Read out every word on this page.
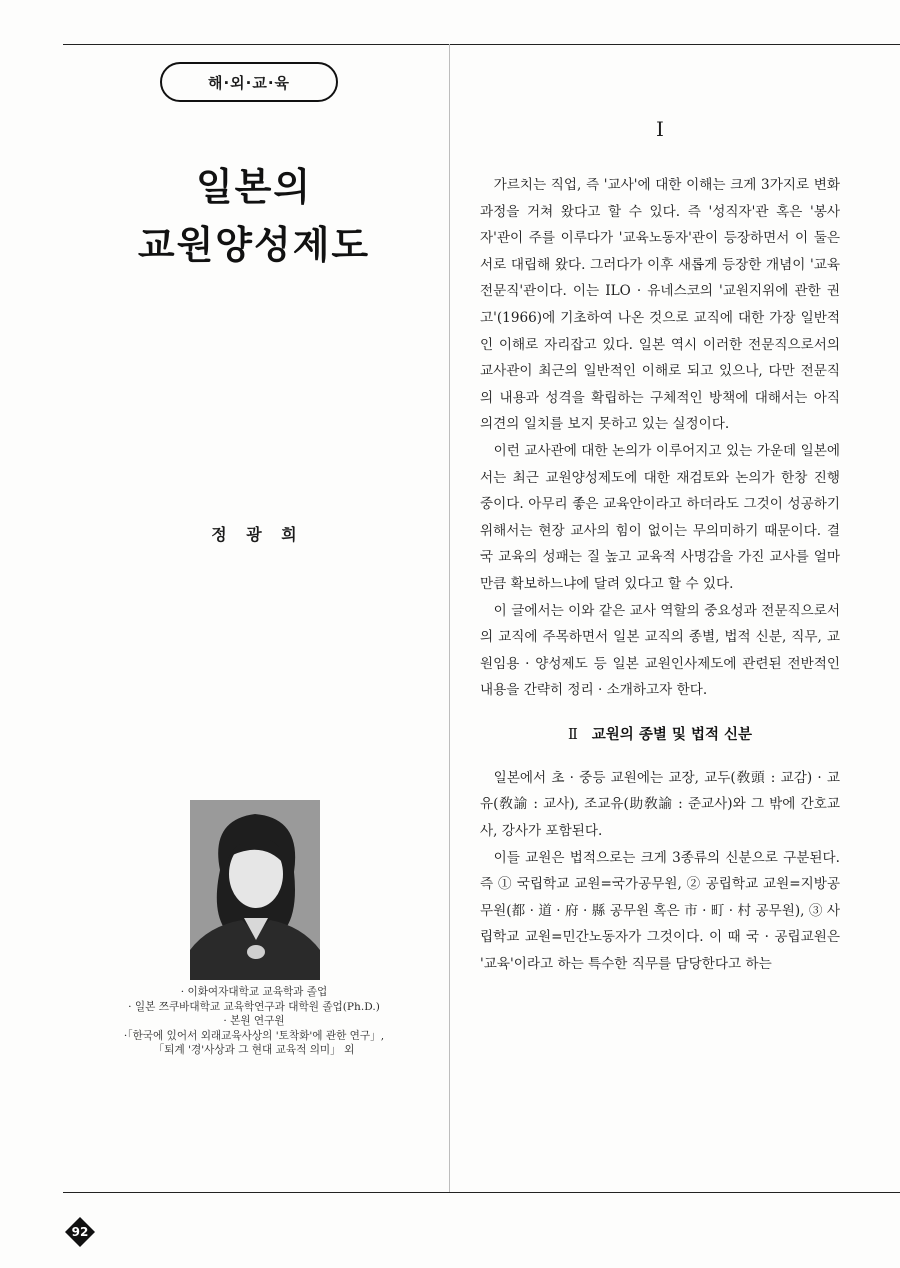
해·외·교·육
일본의
교원양성제도
정 광 희
· 이화여자대학교 교육학과 졸업
· 일본 쯔쿠바대학교 교육학연구과 대학원 졸업(Ph.D.)
· 본원 연구원
·「한국에 있어서 외래교육사상의 '토착화'에 관한 연구」,
「퇴계 '경'사상과 그 현대 교육적 의미」 외
I

가르치는 직업, 즉 '교사'에 대한 이해는 크게 3가지로 변화 과정을 거쳐 왔다고 할 수 있다. 즉 '성직자'관 혹은 '봉사자'관이 주를 이루다가 '교육노동자'관이 등장하면서 이 둘은 서로 대립해 왔다. 그러다가 이후 새롭게 등장한 개념이 '교육전문직'관이다. 이는 ILO · 유네스코의 '교원지위에 관한 권고'(1966)에 기초하여 나온 것으로 교직에 대한 가장 일반적인 이해로 자리잡고 있다. 일본 역시 이러한 전문직으로서의 교사관이 최근의 일반적인 이해로 되고 있으나, 다만 전문직의 내용과 성격을 확립하는 구체적인 방책에 대해서는 아직 의견의 일치를 보지 못하고 있는 실정이다.

이런 교사관에 대한 논의가 이루어지고 있는 가운데 일본에서는 최근 교원양성제도에 대한 재검토와 논의가 한창 진행 중이다. 아무리 좋은 교육안이라고 하더라도 그것이 성공하기 위해서는 현장 교사의 힘이 없이는 무의미하기 때문이다. 결국 교육의 성패는 질 높고 교육적 사명감을 가진 교사를 얼마만큼 확보하느냐에 달려 있다고 할 수 있다.

이 글에서는 이와 같은 교사 역할의 중요성과 전문직으로서의 교직에 주목하면서 일본 교직의 종별, 법적 신분, 직무, 교원임용 · 양성제도 등 일본 교원인사제도에 관련된 전반적인 내용을 간략히 정리 · 소개하고자 한다.

Ⅱ 교원의 종별 및 법적 신분

일본에서 초 · 중등 교원에는 교장, 교두(敎頭 : 교감) · 교유(敎諭 : 교사), 조교유(助敎諭 : 준교사)와 그 밖에 간호교사, 강사가 포함된다.

이들 교원은 법적으로는 크게 3종류의 신분으로 구분된다. 즉 ① 국립학교 교원=국가공무원, ② 공립학교 교원=지방공무원(都 · 道 · 府 · 縣 공무원 혹은 市 · 町 · 村 공무원), ③ 사립학교 교원=민간노동자가 그것이다. 이 때 국 · 공립교원은 '교육'이라고 하는 특수한 직무를 담당한다고 하는

92
